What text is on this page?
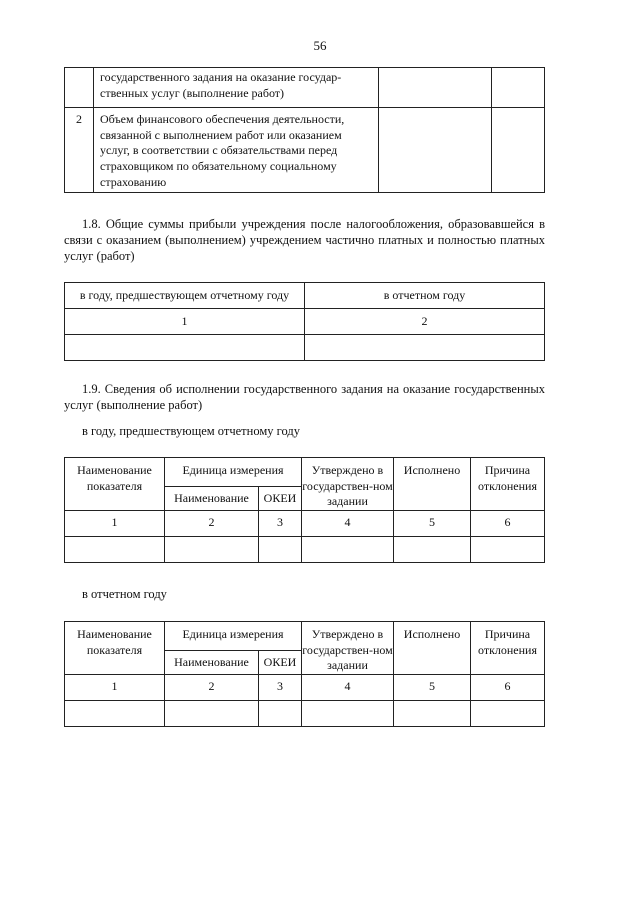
56

	государственного задания на оказание государ-
ственных услуг (выполнение работ)		

2	Объем финансового обеспечения деятельности,
связанной с выполнением работ или оказанием
услуг, в соответствии с обязательствами перед
страховщиком по обязательному социальному
страхованию		

1.8. Общие суммы прибыли учреждения после налогообложения, образовавшейся в связи с оказанием (выполнением) учреждением частично платных и полностью платных услуг (работ)
в году, предшествующем отчетному году	в отчетном году
1	2

1.9. Сведения об исполнении государственного задания на оказание государственных услуг (выполнение работ)
в году, предшествующем отчетному году
Наименование показателя	Единица измерения		Утверждено в государствен-ном задании	Исполнено	Причина отклонения
	Наименование	ОКЕИ			
1	2	3	4	5	6

в отчетном году
Наименование показателя	Единица измерения		Утверждено в государствен-ном задании	Исполнено	Причина отклонения
	Наименование	ОКЕИ			
1	2	3	4	5	6
